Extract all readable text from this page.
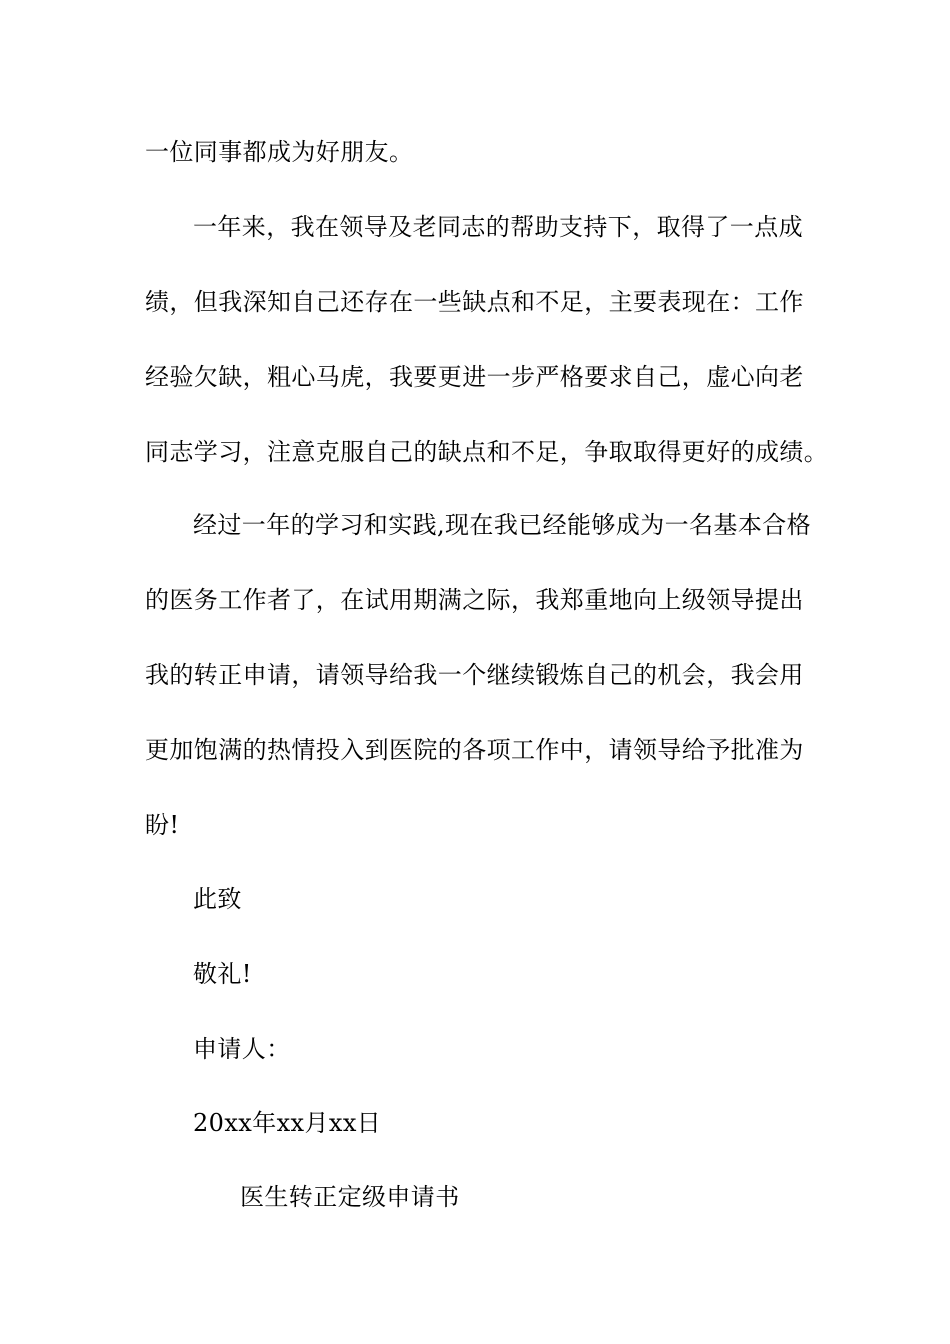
一位同事都成为好朋友。
一年来，我在领导及老同志的帮助支持下，取得了一点成
绩，但我深知自己还存在一些缺点和不足，主要表现在：工作
经验欠缺，粗心马虎，我要更进一步严格要求自己，虚心向老
同志学习，注意克服自己的缺点和不足，争取取得更好的成绩。
经过一年的学习和实践,现在我已经能够成为一名基本合格
的医务工作者了，在试用期满之际，我郑重地向上级领导提出
我的转正申请，请领导给我一个继续锻炼自己的机会，我会用
更加饱满的热情投入到医院的各项工作中，请领导给予批准为
盼!
此致
敬礼!
申请人：
20xx年xx月xx日
医生转正定级申请书
